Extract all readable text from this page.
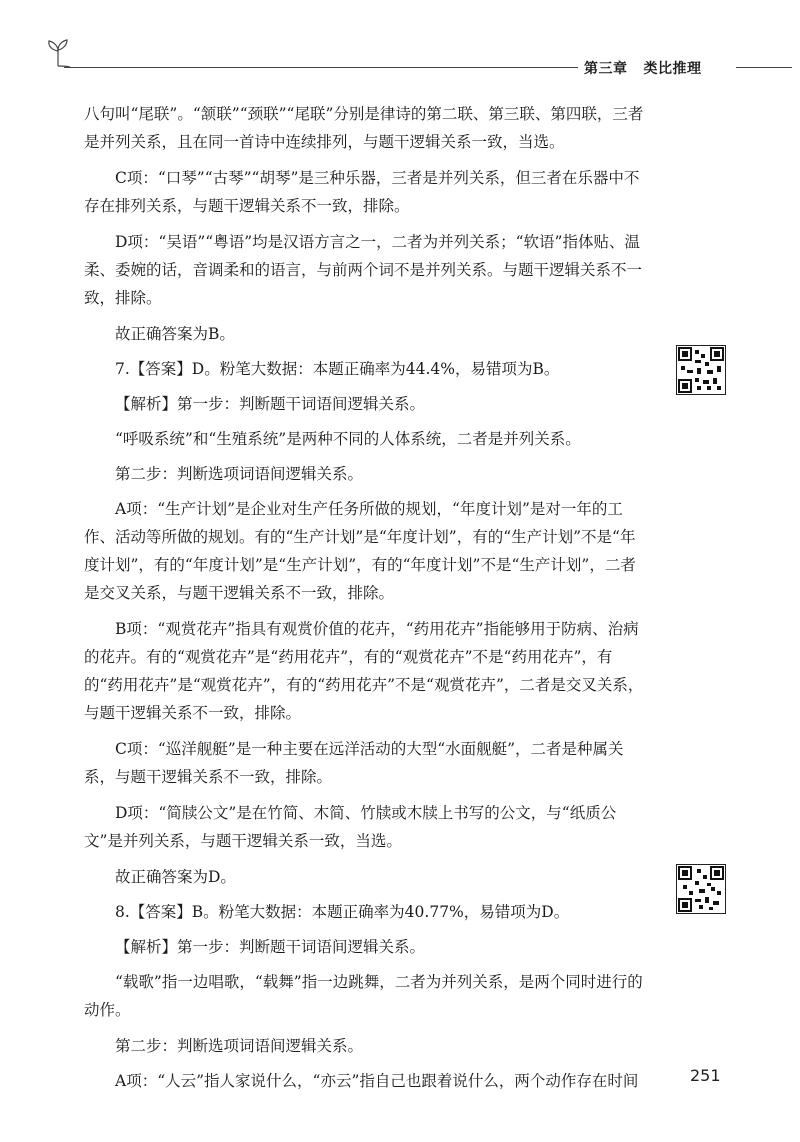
第三章 类比推理

八句叫“尾联”。“颔联”“颈联”“尾联”分别是律诗的第二联、第三联、第四联，三者是并列关系，且在同一首诗中连续排列，与题干逻辑关系一致，当选。

C项：“口琴”“古琴”“胡琴”是三种乐器，三者是并列关系，但三者在乐器中不存在排列关系，与题干逻辑关系不一致，排除。

D项：“吴语”“粤语”均是汉语方言之一，二者为并列关系；“软语”指体贴、温柔、委婉的话，音调柔和的语言，与前两个词不是并列关系。与题干逻辑关系不一致，排除。

故正确答案为B。

7.【答案】D。粉笔大数据：本题正确率为44.4%，易错项为B。

【解析】第一步：判断题干词语间逻辑关系。

“呼吸系统”和“生殖系统”是两种不同的人体系统，二者是并列关系。

第二步：判断选项词语间逻辑关系。

A项：“生产计划”是企业对生产任务所做的规划，“年度计划”是对一年的工作、活动等所做的规划。有的“生产计划”是“年度计划”，有的“生产计划”不是“年度计划”，有的“年度计划”是“生产计划”，有的“年度计划”不是“生产计划”，二者是交叉关系，与题干逻辑关系不一致，排除。

B项：“观赏花卉”指具有观赏价值的花卉，“药用花卉”指能够用于防病、治病的花卉。有的“观赏花卉”是“药用花卉”，有的“观赏花卉”不是“药用花卉”，有的“药用花卉”是“观赏花卉”，有的“药用花卉”不是“观赏花卉”，二者是交叉关系，与题干逻辑关系不一致，排除。

C项：“巡洋舰艇”是一种主要在远洋活动的大型“水面舰艇”，二者是种属关系，与题干逻辑关系不一致，排除。

D项：“简牍公文”是在竹简、木简、竹牍或木牍上书写的公文，与“纸质公文”是并列关系，与题干逻辑关系一致，当选。

故正确答案为D。

8.【答案】B。粉笔大数据：本题正确率为40.77%，易错项为D。

【解析】第一步：判断题干词语间逻辑关系。

“载歌”指一边唱歌，“载舞”指一边跳舞，二者为并列关系，是两个同时进行的动作。

第二步：判断选项词语间逻辑关系。

A项：“人云”指人家说什么，“亦云”指自己也跟着说什么，两个动作存在时间	251
